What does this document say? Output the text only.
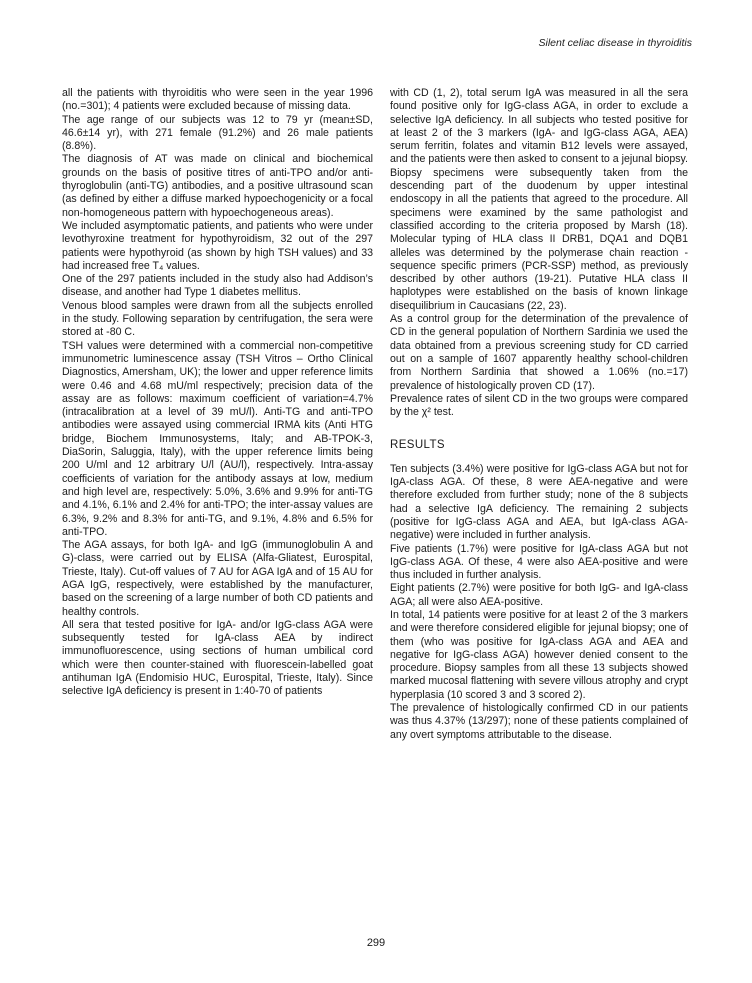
Silent celiac disease in thyroiditis

all the patients with thyroiditis who were seen in the year 1996 (no.=301); 4 patients were excluded because of missing data.

The age range of our subjects was 12 to 79 yr (mean±SD, 46.6±14 yr), with 271 female (91.2%) and 26 male patients (8.8%).

The diagnosis of AT was made on clinical and biochemical grounds on the basis of positive titres of anti-TPO and/or anti-thyroglobulin (anti-TG) antibodies, and a positive ultrasound scan (as defined by either a diffuse marked hypoechogenicity or a focal non-homogeneous pattern with hypoechogeneous areas).

We included asymptomatic patients, and patients who were under levothyroxine treatment for hypothyroidism, 32 out of the 297 patients were hypothyroid (as shown by high TSH values) and 33 had increased free T₄ values.

One of the 297 patients included in the study also had Addison’s disease, and another had Type 1 diabetes mellitus.

Venous blood samples were drawn from all the subjects enrolled in the study. Following separation by centrifugation, the sera were stored at -80 C.

TSH values were determined with a commercial non-competitive immunometric luminescence assay (TSH Vitros – Ortho Clinical Diagnostics, Amersham, UK); the lower and upper reference limits were 0.46 and 4.68 mU/ml respectively; precision data of the assay are as follows: maximum coefficient of variation=4.7% (intracalibration at a level of 39 mU/l). Anti-TG and anti-TPO antibodies were assayed using commercial IRMA kits (Anti HTG bridge, Biochem Immunosystems, Italy; and AB-TPOK-3, DiaSorin, Saluggia, Italy), with the upper reference limits being 200 U/ml and 12 arbitrary U/l (AU/l), respectively. Intra-assay coefficients of variation for the antibody assays at low, medium and high level are, respectively: 5.0%, 3.6% and 9.9% for anti-TG and 4.1%, 6.1% and 2.4% for anti-TPO; the inter-assay values are 6.3%, 9.2% and 8.3% for anti-TG, and 9.1%, 4.8% and 6.5% for anti-TPO.

The AGA assays, for both IgA- and IgG (immunoglobulin A and G)-class, were carried out by ELISA (Alfa-Gliatest, Eurospital, Trieste, Italy). Cut-off values of 7 AU for AGA IgA and of 15 AU for AGA IgG, respectively, were established by the manufacturer, based on the screening of a large number of both CD patients and healthy controls.

All sera that tested positive for IgA- and/or IgG-class AGA were subsequently tested for IgA-class AEA by indirect immunofluorescence, using sections of human umbilical cord which were then counter-stained with fluorescein-labelled goat antihuman IgA (Endomisio HUC, Eurospital, Trieste, Italy). Since selective IgA deficiency is present in 1:40-70 of patients

with CD (1, 2), total serum IgA was measured in all the sera found positive only for IgG-class AGA, in order to exclude a selective IgA deficiency. In all subjects who tested positive for at least 2 of the 3 markers (IgA- and IgG-class AGA, AEA) serum ferritin, folates and vitamin B12 levels were assayed, and the patients were then asked to consent to a jejunal biopsy. Biopsy specimens were subsequently taken from the descending part of the duodenum by upper intestinal endoscopy in all the patients that agreed to the procedure. All specimens were examined by the same pathologist and classified according to the criteria proposed by Marsh (18). Molecular typing of HLA class II DRB1, DQA1 and DQB1 alleles was determined by the polymerase chain reaction - sequence specific primers (PCR-SSP) method, as previously described by other authors (19-21). Putative HLA class II haplotypes were established on the basis of known linkage disequilibrium in Caucasians (22, 23).

As a control group for the determination of the prevalence of CD in the general population of Northern Sardinia we used the data obtained from a previous screening study for CD carried out on a sample of 1607 apparently healthy school-children from Northern Sardinia that showed a 1.06% (no.=17) prevalence of histologically proven CD (17).

Prevalence rates of silent CD in the two groups were compared by the χ² test.

RESULTS

Ten subjects (3.4%) were positive for IgG-class AGA but not for IgA-class AGA. Of these, 8 were AEA-negative and were therefore excluded from further study; none of the 8 subjects had a selective IgA deficiency. The remaining 2 subjects (positive for IgG-class AGA and AEA, but IgA-class AGA-negative) were included in further analysis.

Five patients (1.7%) were positive for IgA-class AGA but not IgG-class AGA. Of these, 4 were also AEA-positive and were thus included in further analysis.

Eight patients (2.7%) were positive for both IgG- and IgA-class AGA; all were also AEA-positive.

In total, 14 patients were positive for at least 2 of the 3 markers and were therefore considered eligible for jejunal biopsy; one of them (who was positive for IgA-class AGA and AEA and negative for IgG-class AGA) however denied consent to the procedure. Biopsy samples from all these 13 subjects showed marked mucosal flattening with severe villous atrophy and crypt hyperplasia (10 scored 3 and 3 scored 2).

The prevalence of histologically confirmed CD in our patients was thus 4.37% (13/297); none of these patients complained of any overt symptoms attributable to the disease.

299
